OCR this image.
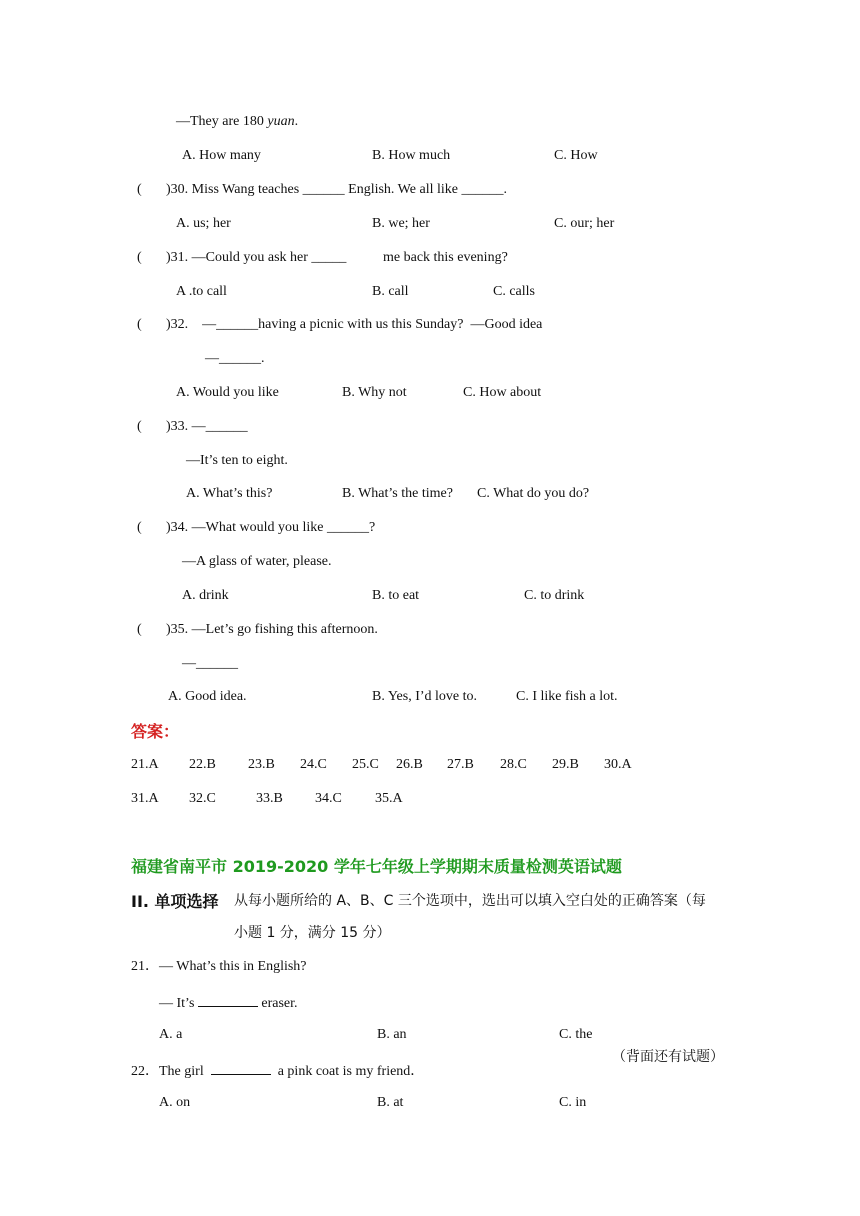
—They are 180 yuan.
A. How many	B. How much	C. How
( )30. Miss Wang teaches ______ English. We all like ______.
A. us; her	B. we; her	C. our; her
( )31. —Could you ask her _____	me back this evening?
A .to call	B. call	C. calls
( )32.    —______having a picnic with us this Sunday?  —Good idea
—______.
A. Would you like	B. Why not	C. How about
( )33. —______
—It’s ten to eight.
A. What’s this?	B. What’s the time? C. What do you do?
( )34. —What would you like ______?
—A glass of water, please.
A. drink	B. to eat	C. to drink
( )35. —Let’s go fishing this afternoon.
—______
A. Good idea.	B. Yes, I’d love to.	C. I like fish a lot.
答案：
21.A 22.B 23.B 24.C 25.C 26.B 27.B 28.C 29.B 30.A
31.A 32.C	33.B 34.C 35.A
福建省南平市 2019-2020 学年七年级上学期期末质量检测英语试题
II. 单项选择 从每小题所给的 A、B、C 三个选项中，选出可以填入空白处的正确答案（每
小题 1 分，满分 15 分）
21．— What’s this in English?
— It’s	eraser.
A. a	B. an	C. the
（背面还有试题）
22．The girl	a pink coat is my friend．
A. on	B. at	C. in
